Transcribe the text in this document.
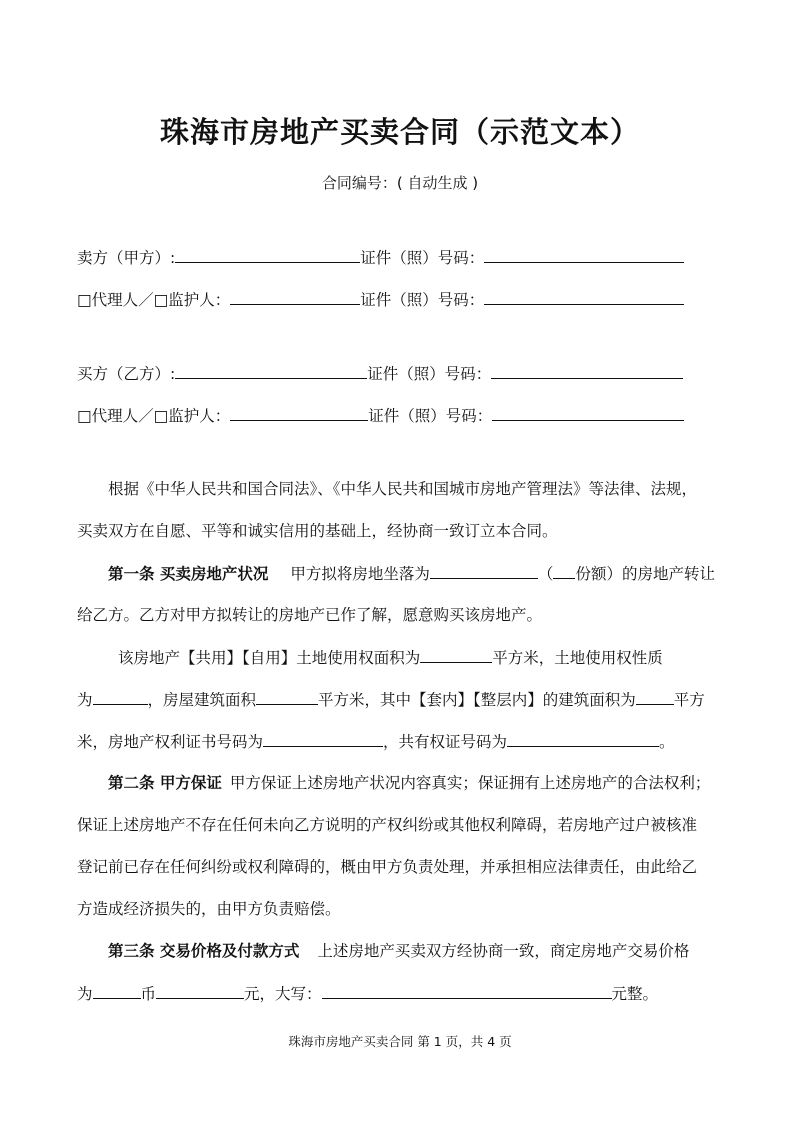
珠海市房地产买卖合同（示范文本）
合同编号：( 自动生成 )
卖方（甲方）:	证件（照）号码：
□代理人／□监护人：	证件（照）号码：
买方（乙方）:	证件（照）号码：
□代理人／□监护人：	证件（照）号码：
根据《中华人民共和国合同法》、《中华人民共和国城市房地产管理法》等法律、法规，
买卖双方在自愿、平等和诚实信用的基础上，经协商一致订立本合同。
第一条 买卖房地产状况 甲方拟将房地坐落为	（ 份额）的房地产转让
给乙方。乙方对甲方拟转让的房地产已作了解，愿意购买该房地产。
该房地产【共用】【自用】土地使用权面积为	平方米，土地使用权性质
为	，房屋建筑面积	平方米，其中【套内】【整层内】的建筑面积为 平方
米，房地产权利证书号码为	，共有权证号码为	。
第二条 甲方保证 甲方保证上述房地产状况内容真实；保证拥有上述房地产的合法权利；
保证上述房地产不存在任何未向乙方说明的产权纠纷或其他权利障碍，若房地产过户被核准
登记前已存在任何纠纷或权利障碍的，概由甲方负责处理，并承担相应法律责任，由此给乙
方造成经济损失的，由甲方负责赔偿。
第三条 交易价格及付款方式 上述房地产买卖双方经协商一致，商定房地产交易价格
为	币	元，大写：	元整。
珠海市房地产买卖合同 第 1 页，共 4 页
